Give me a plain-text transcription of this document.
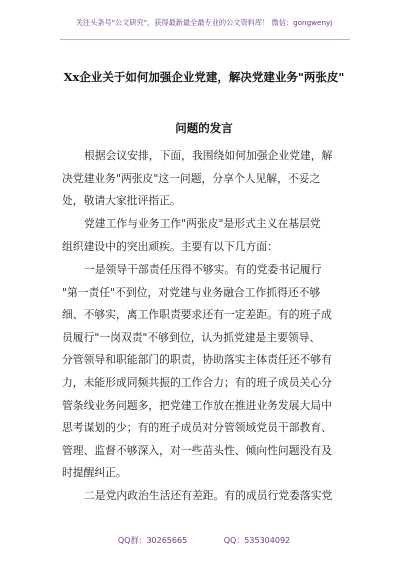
关注头条号"公文研究"，获得最新最全最专业的公文资料库！ 微信：gongwenyj
Xx企业关于如何加强企业党建，解决党建业务"两张皮"
问题的发言
根据会议安排，下面，我围绕如何加强企业党建，解
决党建业务"两张皮"这一问题，分享个人见解，不妥之
处，敬请大家批评指正。
党建工作与业务工作"两张皮"是形式主义在基层党
组织建设中的突出顽疾。主要有以下几方面：
一是领导干部责任压得不够实。有的党委书记履行
"第一责任"不到位，对党建与业务融合工作抓得还不够
细、不够实，离工作职责要求还有一定差距。有的班子成
员履行"一岗双责"不够到位，认为抓党建是主要领导、
分管领导和职能部门的职责，协助落实主体责任还不够有
力，未能形成同频共振的工作合力；有的班子成员关心分
管条线业务问题多，把党建工作放在推进业务发展大局中
思考谋划的少；有的班子成员对分管领域党员干部教育、
管理、监督不够深入，对一些苗头性、倾向性问题没有及
时提醒纠正。
二是党内政治生活还有差距。有的成员行党委落实党
QQ群：30265665	QQ：535304092
